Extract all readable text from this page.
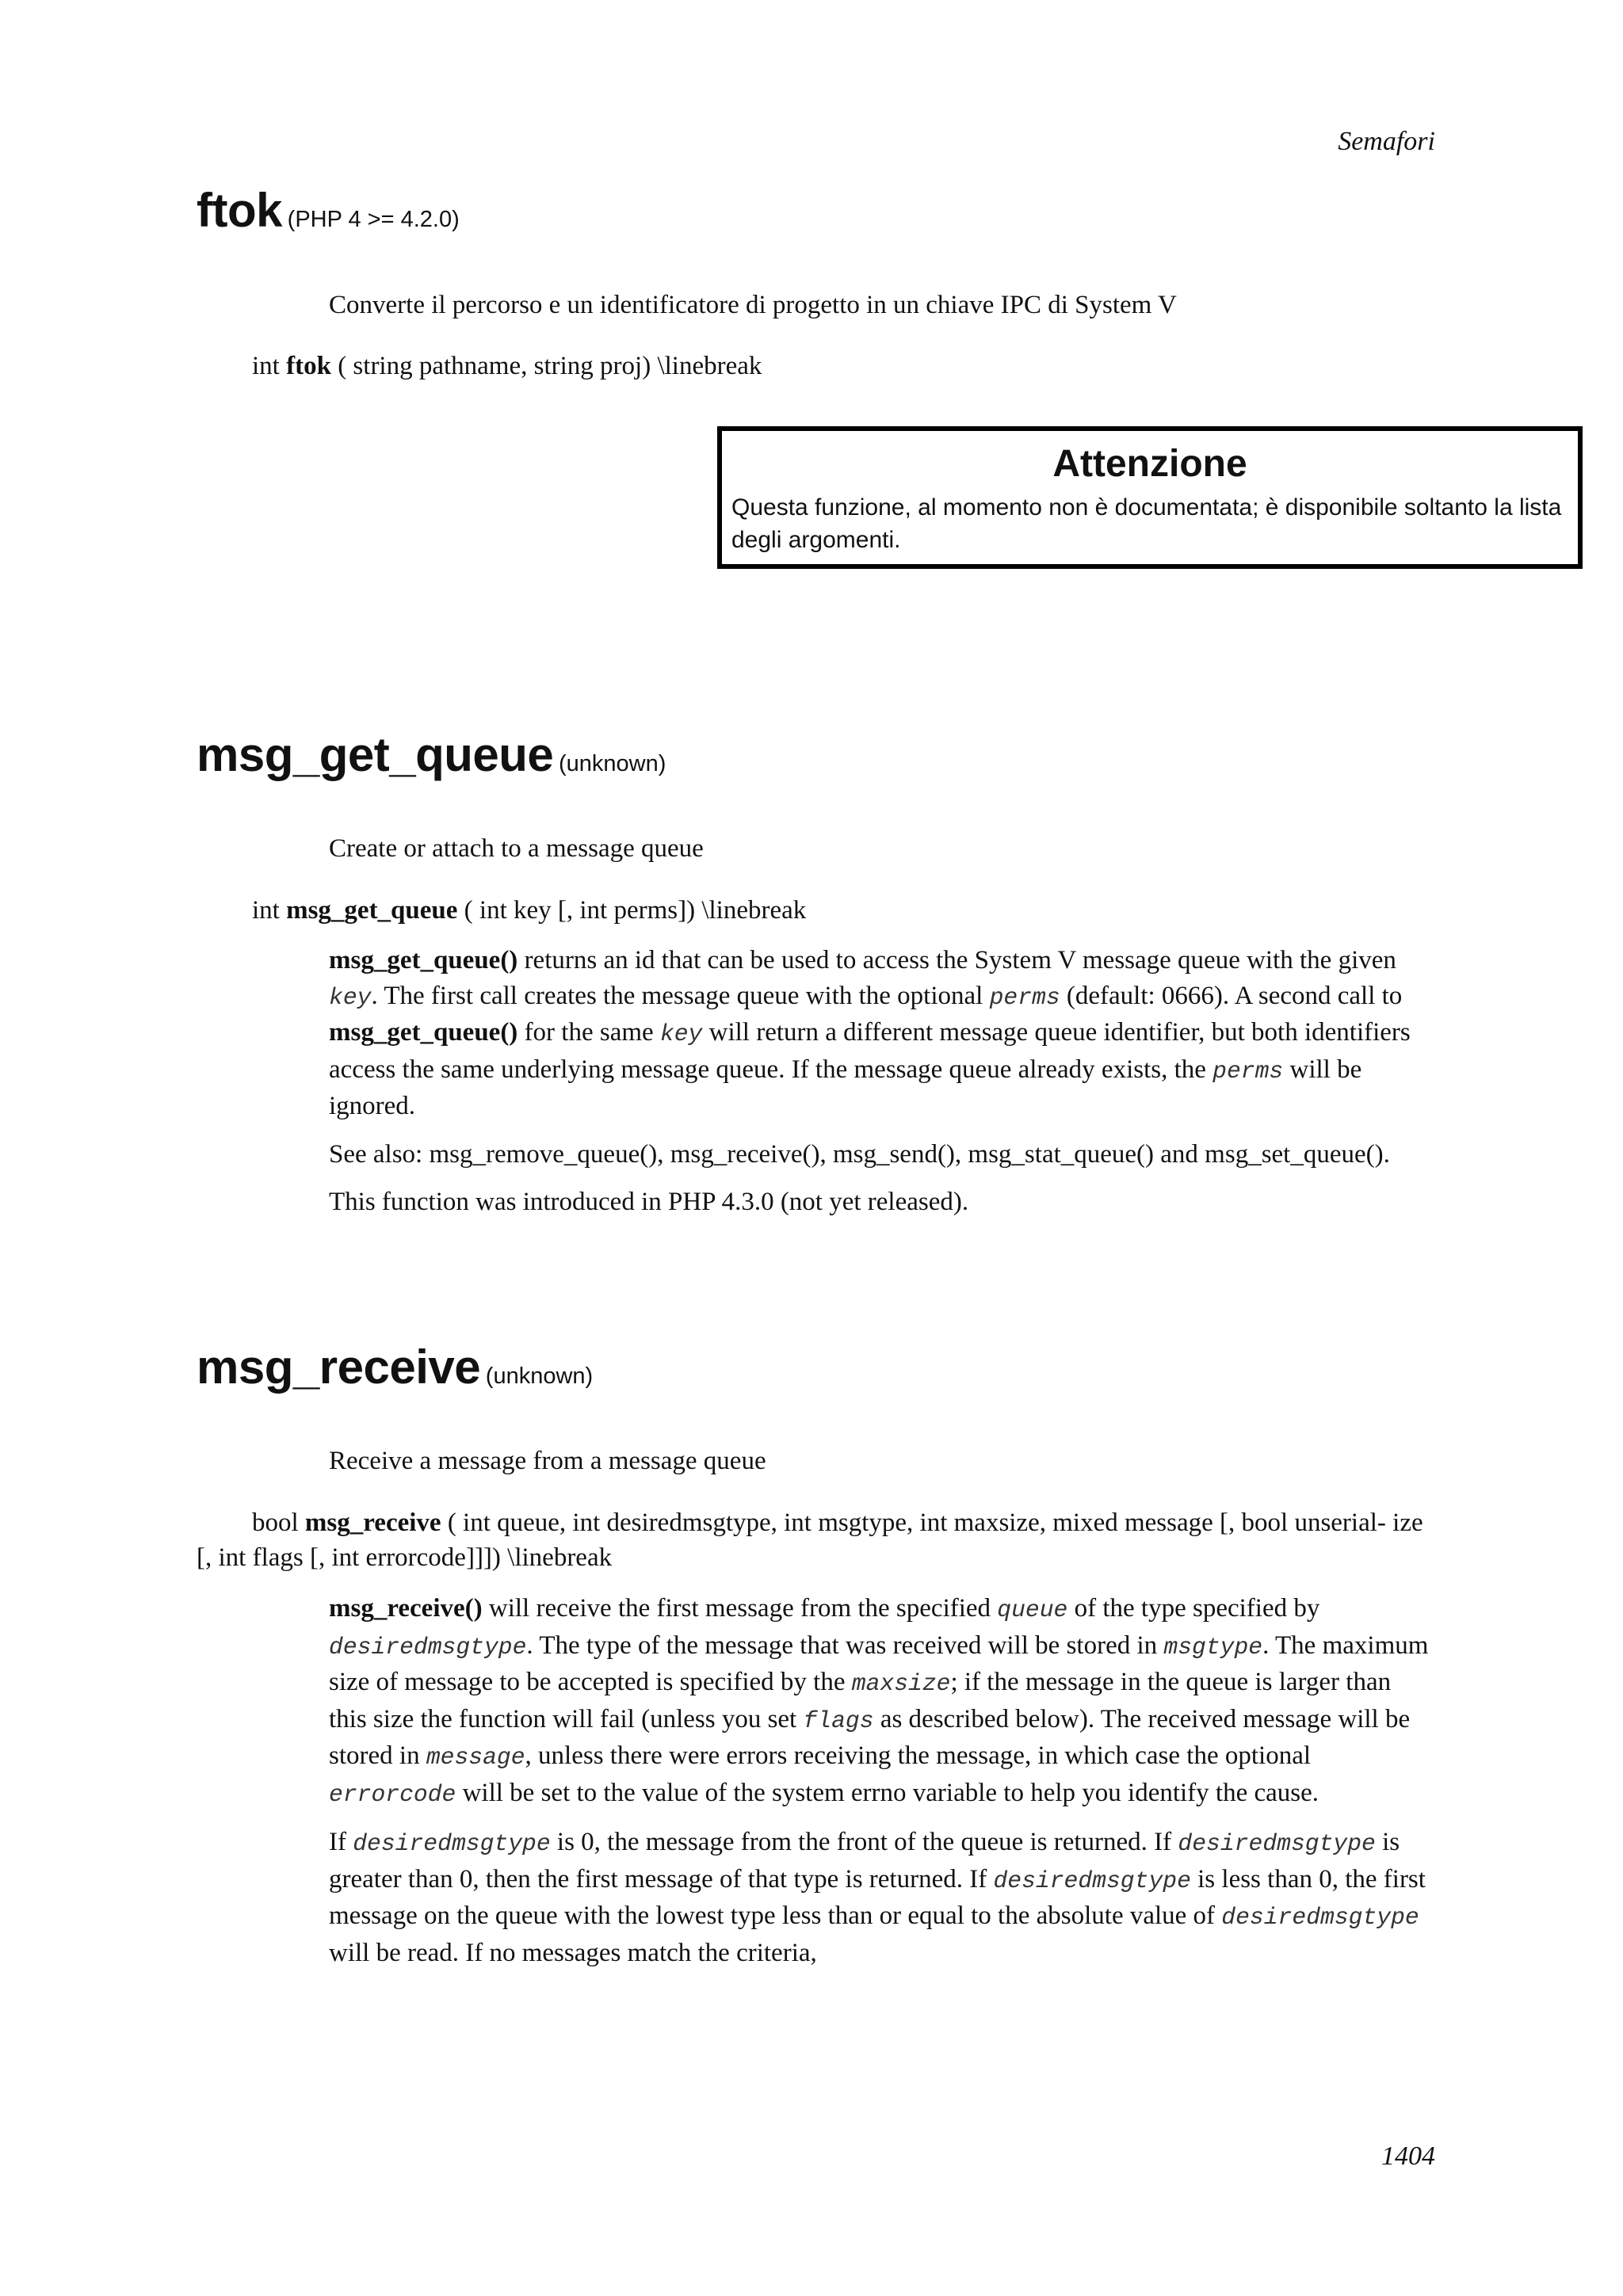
Semafori
ftok (PHP 4 >= 4.2.0)

Converte il percorso e un identificatore di progetto in un chiave IPC di System V

int ftok ( string pathname, string proj) \linebreak

Attenzione

Questa funzione, al momento non è documentata; è disponibile soltanto la lista degli argomenti.

msg_get_queue (unknown)

Create or attach to a message queue

int msg_get_queue ( int key [, int perms]) \linebreak

msg_get_queue() returns an id that can be used to access the System V message queue with the given key. The first call creates the message queue with the optional perms (default: 0666). A second call to msg_get_queue() for the same key will return a different message queue identifier, but both identifiers access the same underlying message queue. If the message queue already exists, the perms will be ignored.

See also: msg_remove_queue(), msg_receive(), msg_send(), msg_stat_queue() and msg_set_queue().

This function was introduced in PHP 4.3.0 (not yet released).

msg_receive (unknown)

Receive a message from a message queue

bool msg_receive ( int queue, int desiredmsgtype, int msgtype, int maxsize, mixed message [, bool unserial- ize [, int flags [, int errorcode]]]) \linebreak

msg_receive() will receive the first message from the specified queue of the type specified by desiredmsgtype. The type of the message that was received will be stored in msgtype. The maximum size of message to be accepted is specified by the maxsize; if the message in the queue is larger than this size the function will fail (unless you set flags as described below). The received message will be stored in message, unless there were errors receiving the message, in which case the optional errorcode will be set to the value of the system errno variable to help you identify the cause.

If desiredmsgtype is 0, the message from the front of the queue is returned. If desiredmsgtype is greater than 0, then the first message of that type is returned. If desiredmsgtype is less than 0, the first message on the queue with the lowest type less than or equal to the absolute value of desiredmsgtype will be read. If no messages match the criteria,

1404
